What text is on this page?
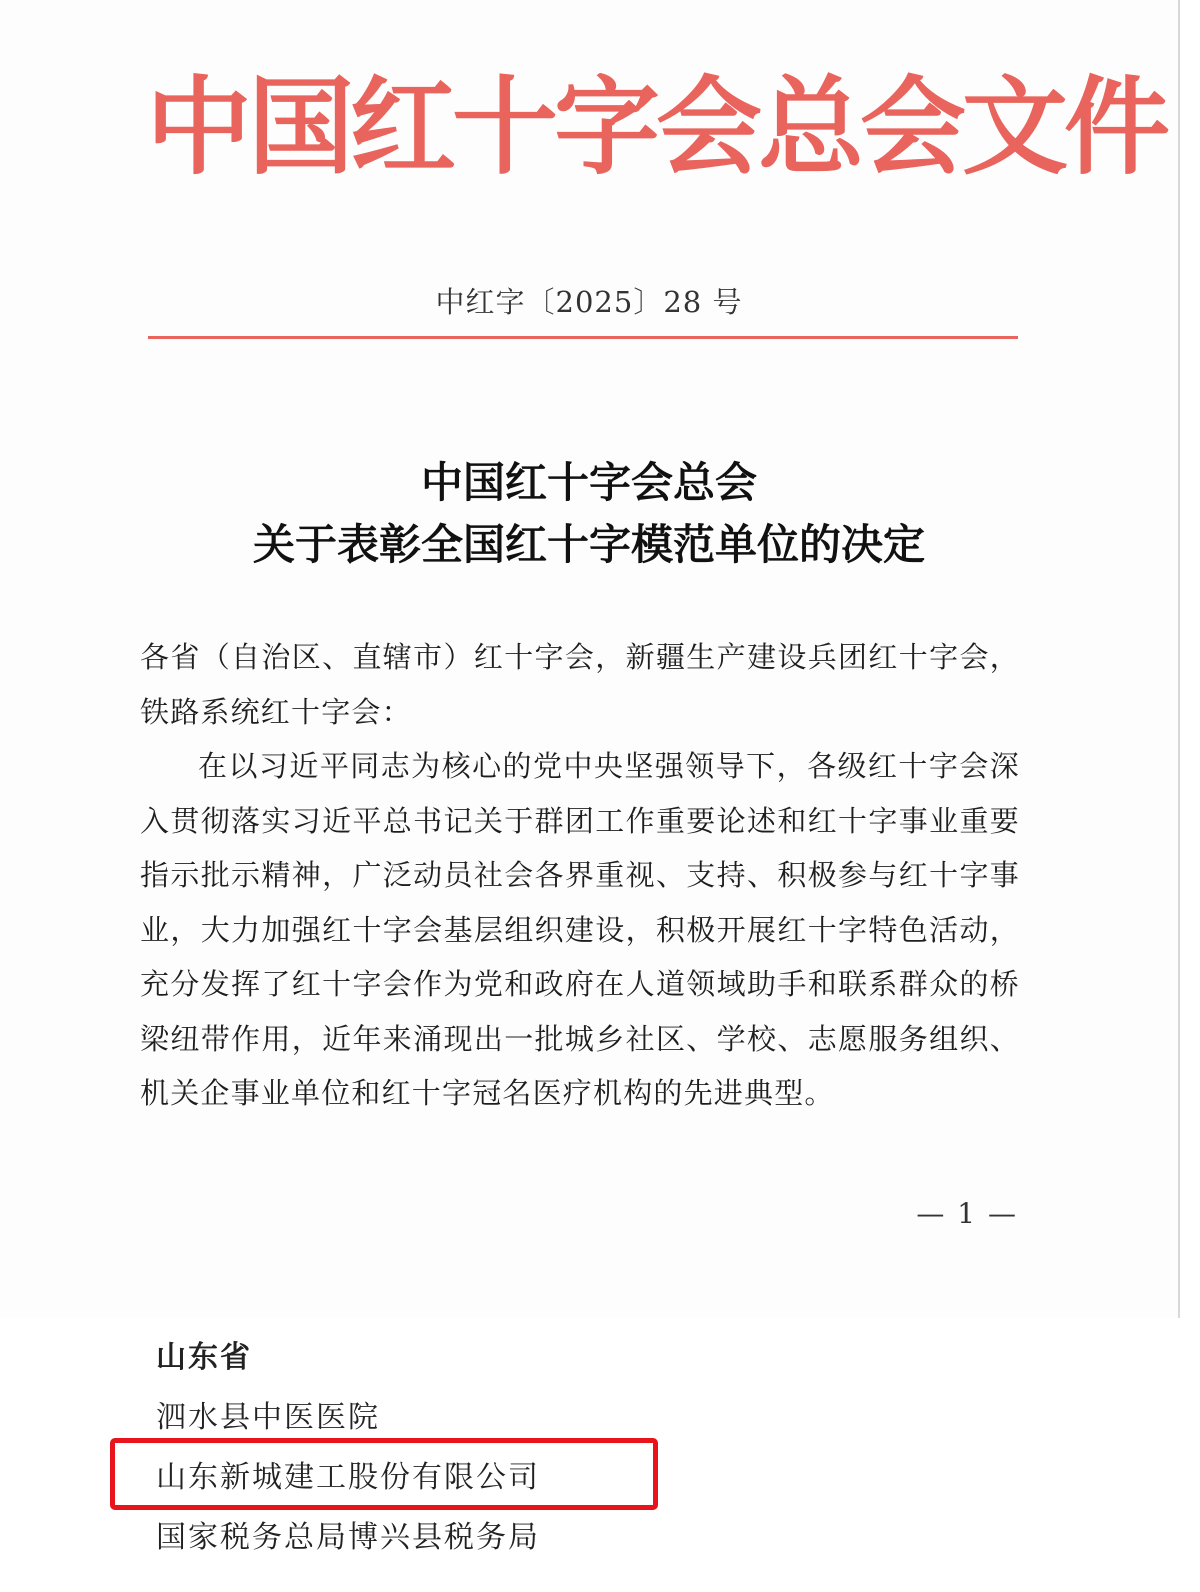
中国红十字会总会文件
中红字〔2025〕28 号
中国红十字会总会
关于表彰全国红十字模范单位的决定

各省（自治区、直辖市）红十字会，新疆生产建设兵团红十字会，铁路系统红十字会：

在以习近平同志为核心的党中央坚强领导下，各级红十字会深入贯彻落实习近平总书记关于群团工作重要论述和红十字事业重要指示批示精神，广泛动员社会各界重视、支持、积极参与红十字事业，大力加强红十字会基层组织建设，积极开展红十字特色活动，充分发挥了红十字会作为党和政府在人道领域助手和联系群众的桥梁纽带作用，近年来涌现出一批城乡社区、学校、志愿服务组织、机关企事业单位和红十字冠名医疗机构的先进典型。

— 1 —
山东省
泗水县中医医院
山东新城建工股份有限公司
国家税务总局博兴县税务局
